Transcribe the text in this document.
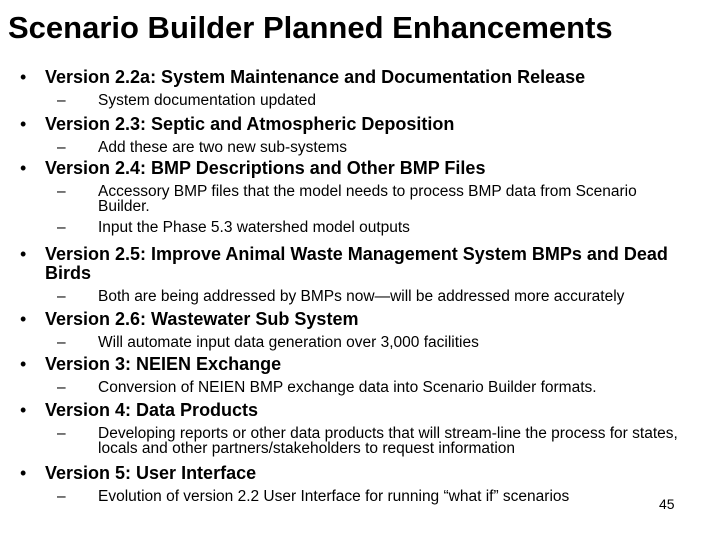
Scenario Builder Planned Enhancements
• Version 2.2a: System Maintenance and Documentation Release
– System documentation updated
• Version 2.3: Septic and Atmospheric Deposition
– Add these are two new sub-systems
• Version 2.4: BMP Descriptions and Other BMP Files
– Accessory BMP files that the model needs to process BMP data from Scenario Builder.
– Input the Phase 5.3 watershed model outputs
• Version 2.5: Improve Animal Waste Management System BMPs and Dead Birds
– Both are being addressed by BMPs now—will be addressed more accurately
• Version 2.6: Wastewater Sub System
– Will automate input data generation over 3,000 facilities
• Version 3: NEIEN Exchange
– Conversion of NEIEN BMP exchange data into Scenario Builder formats.
• Version 4: Data Products
– Developing reports or other data products that will stream-line the process for states, locals and other partners/stakeholders to request information
• Version 5: User Interface
– Evolution of version 2.2 User Interface for running “what if” scenarios	45
